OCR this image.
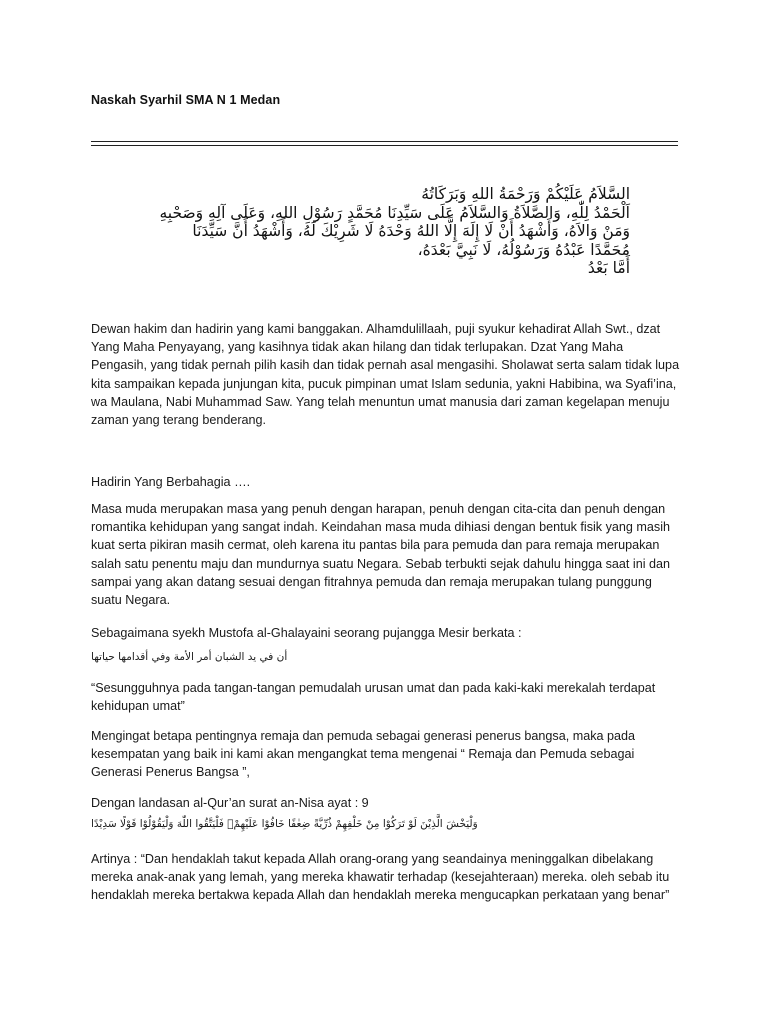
Naskah Syarhil SMA N 1 Medan
السَّلاَمُ عَلَيْكُمْ وَرَحْمَةُ اللهِ وَبَرَكَاتُهُ
اَلْحَمْدُ لِلّٰهِ، وَالصَّلاَةُ وَالسَّلاَمُ عَلَى سَيِّدِنَا مُحَمَّدٍ رَسُوْلِ اللهِ، وَعَلَى آلِهِ وَصَحْبِهِ
وَمَنْ وَالاَهُ، وَأَشْهَدُ أَنْ لَا إِلَهَ إِلَّا اللهُ وَحْدَهُ لَا شَرِيْكَ لَهُ، وَأَشْهَدُ أَنَّ سَيِّدَنَا
مُحَمَّدًا عَبْدُهُ وَرَسُوْلُهُ، لَا نَبِيَّ بَعْدَهُ،
أَمَّا بَعْدُ
Dewan hakim dan hadirin yang kami banggakan. Alhamdulillaah, puji syukur kehadirat Allah Swt., dzat Yang Maha Penyayang, yang kasihnya tidak akan hilang dan tidak terlupakan. Dzat Yang Maha Pengasih, yang tidak pernah pilih kasih dan tidak pernah asal mengasihi. Sholawat serta salam tidak lupa kita sampaikan kepada junjungan kita, pucuk pimpinan umat Islam sedunia, yakni Habibina, wa Syafi’ina, wa Maulana, Nabi Muhammad Saw. Yang telah menuntun umat manusia dari zaman kegelapan menuju zaman yang terang benderang.
Hadirin Yang Berbahagia ….
Masa muda merupakan masa yang penuh dengan harapan, penuh dengan cita-cita dan penuh dengan romantika kehidupan yang sangat indah. Keindahan masa muda dihiasi dengan bentuk fisik yang masih kuat serta pikiran masih cermat, oleh karena itu pantas bila para pemuda dan para remaja merupakan salah satu penentu maju dan mundurnya suatu Negara. Sebab terbukti sejak dahulu hingga saat ini dan sampai yang akan datang sesuai dengan fitrahnya pemuda dan remaja merupakan tulang punggung suatu Negara.
Sebagaimana syekh Mustofa al-Ghalayaini seorang pujangga Mesir berkata :
أن في يد الشبان أمر الأمة وفي أقدامها حياتها
“Sesungguhnya pada tangan-tangan pemudalah urusan umat dan pada kaki-kaki merekalah terdapat kehidupan umat”
Mengingat betapa pentingnya remaja dan pemuda sebagai generasi penerus bangsa, maka pada kesempatan yang baik ini kami akan mengangkat tema mengenai “ Remaja dan Pemuda sebagai Generasi Penerus Bangsa ”,
Dengan landasan al-Qur’an surat an-Nisa ayat : 9
وَلْيَخْشَ الَّذِيْنَ لَوْ تَرَكُوْا مِنْ خَلْفِهِمْ ذُرِّيَّةً ضِعٰفًا خَافُوْا عَلَيْهِمْۖ فَلْيَتَّقُوا اللّٰهَ وَلْيَقُوْلُوْا قَوْلًا سَدِيْدًا
Artinya : “Dan hendaklah takut kepada Allah orang-orang yang seandainya meninggalkan dibelakang mereka anak-anak yang lemah, yang mereka khawatir terhadap (kesejahteraan) mereka. oleh sebab itu hendaklah mereka bertakwa kepada Allah dan hendaklah mereka mengucapkan perkataan yang benar”
